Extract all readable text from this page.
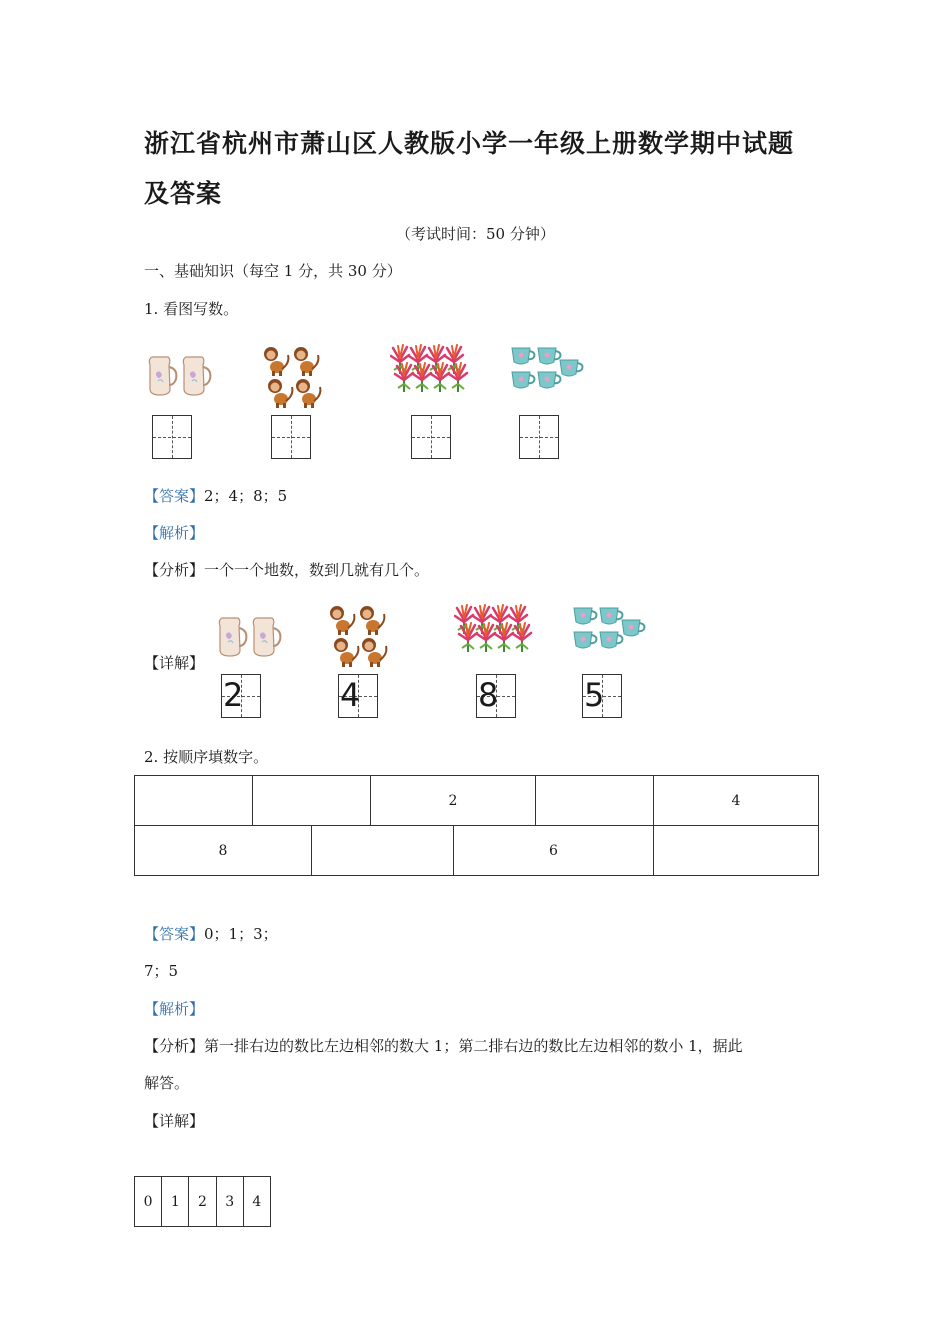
浙江省杭州市萧山区人教版小学一年级上册数学期中试题
及答案
（考试时间：50 分钟）
一、基础知识（每空 1 分，共 30 分）
1. 看图写数。
【答案】2；4；8；5
【解析】
【分析】一个一个地数，数到几就有几个。
【详解】
2	4	8	5
2. 按顺序填数字。
		2		4
8		6	
【答案】0；1；3；
7；5
【解析】
【分析】第一排右边的数比左边相邻的数大 1；第二排右边的数比左边相邻的数小 1，据此
解答。
【详解】
0	1	2	3	4
